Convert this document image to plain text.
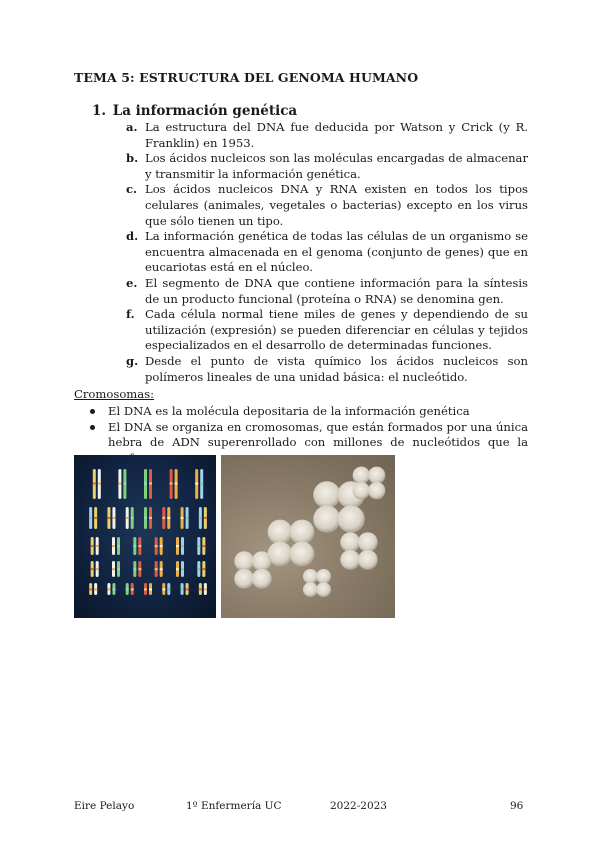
TEMA 5: ESTRUCTURA DEL GENOMA HUMANO
1. La información genética
a. La estructura del DNA fue deducida por Watson y Crick (y R. Franklin) en 1953.
b. Los ácidos nucleicos son las moléculas encargadas de almacenar y transmitir la información genética.
c. Los ácidos nucleicos DNA y RNA existen en todos los tipos celulares (animales, vegetales o bacterias) excepto en los virus que sólo tienen un tipo.
d. La información genética de todas las células de un organismo se encuentra almacenada en el genoma (conjunto de genes) que en eucariotas está en el núcleo.
e. El segmento de DNA que contiene información para la síntesis de un producto funcional (proteína o RNA) se denomina gen.
f. Cada célula normal tiene miles de genes y dependiendo de su utilización (expresión) se pueden diferenciar en células y tejidos especializados en el desarrollo de determinadas funciones.
g. Desde el punto de vista químico los ácidos nucleicos son polímeros lineales de una unidad básica: el nucleótido.
Cromosomas:
El DNA es la molécula depositaria de la información genética
El DNA se organiza en cromosomas, que están formados por una única hebra de ADN superenrollado con millones de nucleótidos que la
Eire Pelayo	1º Enfermería UC	2022-2023	96
